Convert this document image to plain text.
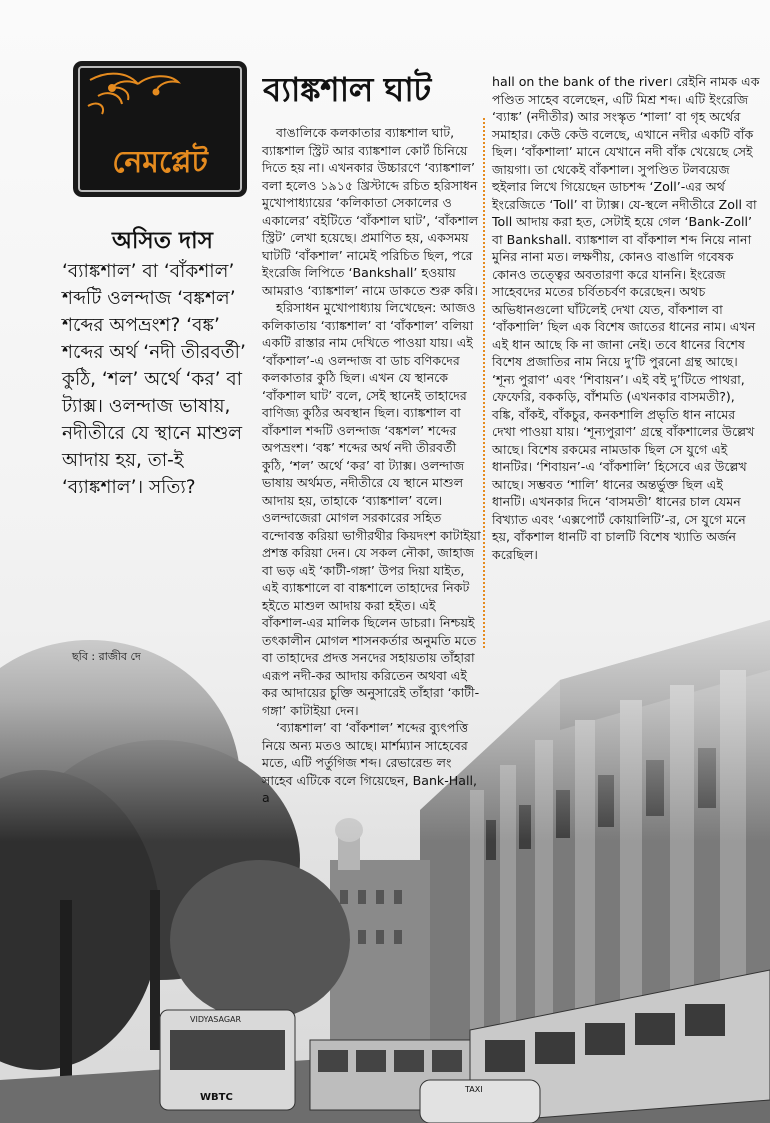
নেমপ্লেট
অসিত দাস
‘ব্যাঙ্কশাল’ বা ‘বাঁকশাল’ শব্দটি ওলন্দাজ ‘বঙ্কশল’ শব্দের অপভ্রংশ? ‘বঙ্ক’ শব্দের অর্থ ‘নদী তীরবর্তী’ কুঠি, ‘শল’ অর্থে ‘কর’ বা ট্যাক্স। ওলন্দাজ ভাষায়, নদীতীরে যে স্থানে মাশুল আদায় হয়, তা-ই ‘ব্যাঙ্কশাল’। সত্যি?
ব্যাঙ্কশাল ঘাট

বাঙালিকে কলকাতার ব্যাঙ্কশাল ঘাট, ব্যাঙ্কশাল স্ট্রিট আর ব্যাঙ্কশাল কোর্ট চিনিয়ে দিতে হয় না। এখনকার উচ্চারণে ‘ব্যাঙ্কশাল’ বলা হলেও ১৯১৫ খ্রিস্টাব্দে রচিত হরিসাধন মুখোপাধ্যায়ের ‘কলিকাতা সেকালের ও একালের’ বইটিতে ‘বাঁকশাল ঘাট’, ‘বাঁকশাল স্ট্রিট’ লেখা হয়েছে। প্রমাণিত হয়, একসময় ঘাটটি ‘বাঁকশাল’ নামেই পরিচিত ছিল, পরে ইংরেজি লিপিতে ‘Bankshall’ হওয়ায় আমরাও ‘ব্যাঙ্কশাল’ নামে ডাকতে শুরু করি।

হরিসাধন মুখোপাধ্যায় লিখেছেন: আজও কলিকাতায় ‘ব্যাঙ্কশাল’ বা ‘বাঁকশাল’ বলিয়া একটি রাস্তার নাম দেখিতে পাওয়া যায়। এই ‘বাঁকশাল’-এ ওলন্দাজ বা ডাচ বণিকদের কলকাতার কুঠি ছিল। এখন যে স্থানকে ‘বাঁকশাল ঘাট’ বলে, সেই স্থানেই তাহাদের বাণিজ্য কুঠির অবস্থান ছিল। ব্যাঙ্কশাল বা বাঁকশাল শব্দটি ওলন্দাজ ‘বঙ্কশল’ শব্দের অপভ্রংশ। ‘বঙ্ক’ শব্দের অর্থ নদী তীরবর্তী কুঠি, ‘শল’ অর্থে ‘কর’ বা ট্যাক্স। ওলন্দাজ ভাষায় অর্থমত, নদীতীরে যে স্থানে মাশুল আদায় হয়, তাহাকে ‘ব্যাঙ্কশাল’ বলে। ওলন্দাজেরা মোগল সরকারের সহিত বন্দোবস্ত করিয়া ভাগীরথীর কিয়দংশ কাটাইয়া প্রশস্ত করিয়া দেন। যে সকল নৌকা, জাহাজ বা ভড় এই ‘কাটী-গঙ্গা’ উপর দিয়া যাইত, এই ব্যাঙ্কশালে বা বাঙ্কশালে তাহাদের নিকট হইতে মাশুল আদায় করা হইত। এই বাঁকশাল-এর মালিক ছিলেন ডাচরা। নিশ্চয়ই তৎকালীন মোগল শাসনকর্তার অনুমতি মতে বা তাহাদের প্রদত্ত সনদের সহায়তায় তাঁহারা এরূপ নদী-কর আদায় করিতেন অথবা এই কর আদায়ের চুক্তি অনুসারেই তাঁহারা ‘কাটী-গঙ্গা’ কাটাইয়া দেন।

‘ব্যাঙ্কশাল’ বা ‘বাঁকশাল’ শব্দের ব্যুৎপত্তি নিয়ে অন্য মতও আছে। মার্শম্যান সাহেবের মতে, এটি পর্তুগিজ শব্দ। রেভারেন্ড লং সাহেব এটিকে বলে গিয়েছেন, Bank-Hall, a

hall on the bank of the river। রেইনি নামক এক পণ্ডিত সাহেব বলেছেন, এটি মিশ্র শব্দ। এটি ইংরেজি ‘ব্যাঙ্ক’ (নদীতীর) আর সংস্কৃত ‘শালা’ বা গৃহ অর্থের সমাহার। কেউ কেউ বলেছে, এখানে নদীর একটি বাঁক ছিল। ‘বাঁকশালা’ মানে যেখানে নদী বাঁক খেয়েছে সেই জায়গা। তা থেকেই বাঁকশাল। সুপণ্ডিত টলবয়েজ হুইলার লিখে গিয়েছেন ডাচশব্দ ‘Zoll’-এর অর্থ ইংরেজিতে ‘Toll’ বা ট্যাক্স। যে-স্থলে নদীতীরে Zoll বা Toll আদায় করা হত, সেটাই হয়ে গেল ‘Bank-Zoll’ বা Bankshall. ব্যাঙ্কশাল বা বাঁকশাল শব্দ নিয়ে নানা মুনির নানা মত। লক্ষণীয়, কোনও বাঙালি গবেষক কোনও তত্ত্বের অবতারণা করে যাননি। ইংরেজ সাহেবদের মতের চর্বিতচর্বণ করেছেন। অথচ অভিধানগুলো ঘাঁটলেই দেখা যেত, বাঁকশাল বা ‘বাঁকশালি’ ছিল এক বিশেষ জাতের ধানের নাম। এখন এই ধান আছে কি না জানা নেই। তবে ধানের বিশেষ বিশেষ প্রজাতির নাম নিয়ে দু’টি পুরনো গ্রন্থ আছে। ‘শূন্য পুরাণ’ এবং ‘শিবায়ন’। এই বই দু’টিতে পাথরা, ফেফেরি, বককড়ি, বাঁশমতি (এখনকার বাসমতী?), বঙ্কি, বাঁকই, বাঁকচুর, কনকশালি প্রভৃতি ধান নামের দেখা পাওয়া যায়। ‘শূন্যপুরাণ’ গ্রন্থে বাঁকশালের উল্লেখ আছে। বিশেষ রকমের নামডাক ছিল সে যুগে এই ধানটির। ‘শিবায়ন’-এ ‘বাঁকশালি’ হিসেবে এর উল্লেখ আছে। সম্ভবত ‘শালি’ ধানের অন্তর্ভুক্ত ছিল এই ধানটি। এখনকার দিনে ‘বাসমতী’ ধানের চাল যেমন বিখ্যাত এবং ‘এক্সপোর্ট কোয়ালিটি’-র, সে যুগে মনে হয়, বাঁকশাল ধানটি বা চালটি বিশেষ খ্যাতি অর্জন করেছিল।

ছবি : রাজীব দে
